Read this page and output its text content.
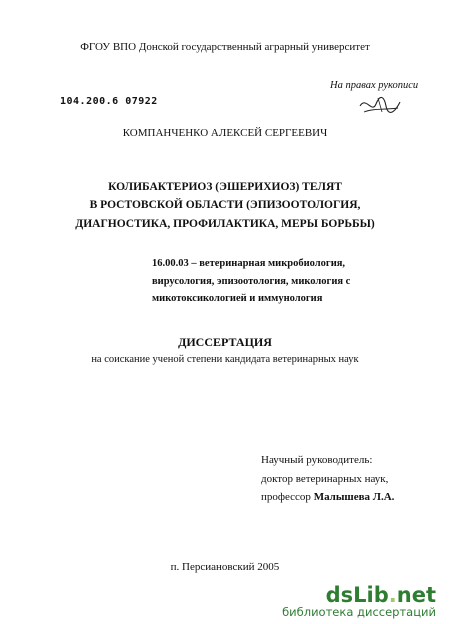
ФГОУ ВПО Донской государственный аграрный университет
104.200.6 07922
На правах рукописи
КОМПАНЧЕНКО АЛЕКСЕЙ СЕРГЕЕВИЧ
КОЛИБАКТЕРИОЗ (ЭШЕРИХИОЗ) ТЕЛЯТ
В РОСТОВСКОЙ ОБЛАСТИ (ЭПИЗООТОЛОГИЯ,
ДИАГНОСТИКА, ПРОФИЛАКТИКА, МЕРЫ БОРЬБЫ)
16.00.03 – ветеринарная микробиология,
вирусология, эпизоотология, микология с
микотоксикологией и иммунология
ДИССЕРТАЦИЯ
на соискание ученой степени кандидата ветеринарных наук
Научный руководитель:
доктор ветеринарных наук,
профессор Малышева Л.А.
п. Персиановский 2005
dsLib.net
библиотека диссертаций
